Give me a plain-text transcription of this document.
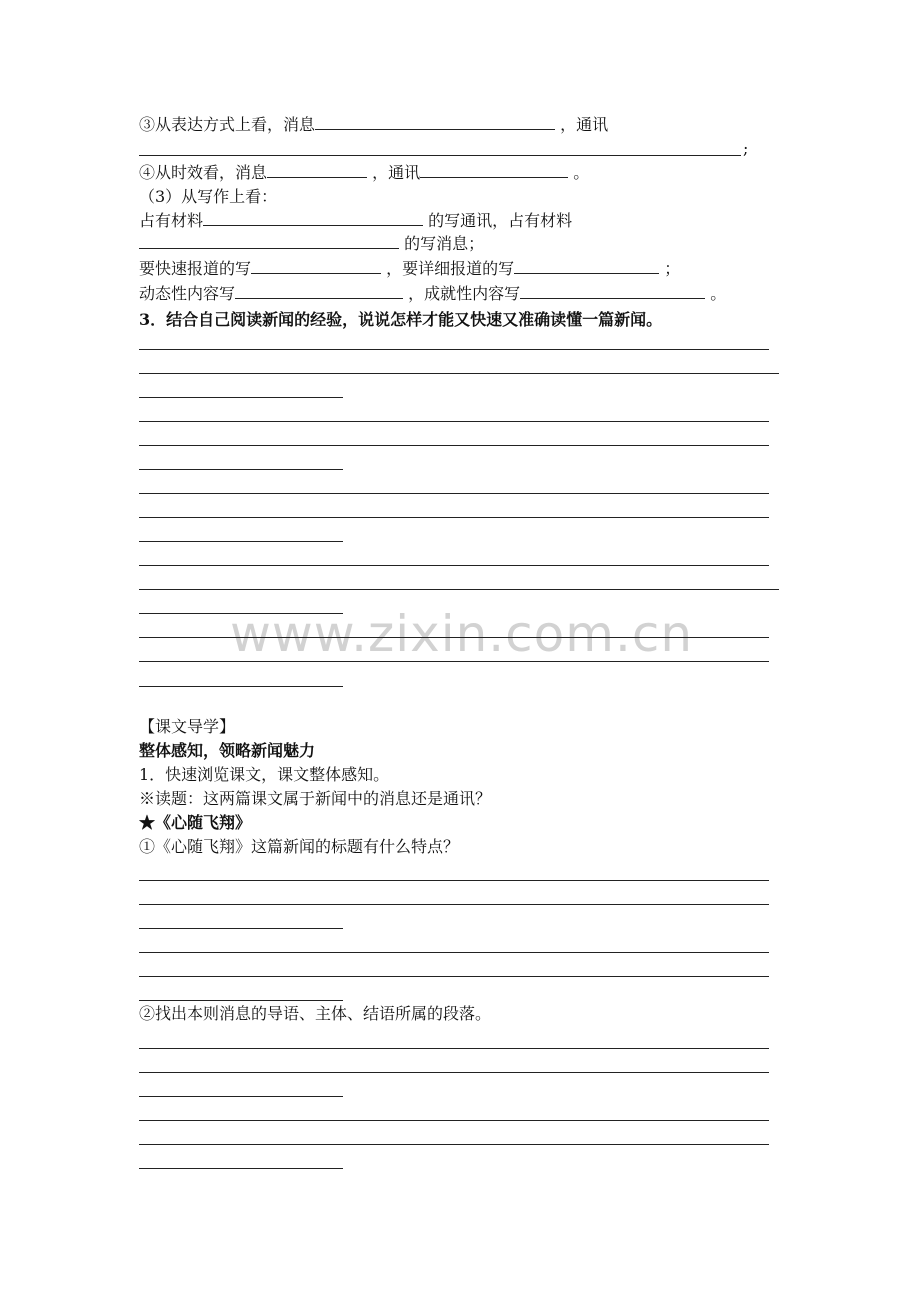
www.zixin.com.cn
③从表达方式上看，消息	，通讯
;
④从时效看，消息	，通讯	。
（3）从写作上看：
占有材料	的写通讯，占有材料
的写消息；
要快速报道的写	，要详细报道的写	；
动态性内容写	，成就性内容写	。
3．结合自己阅读新闻的经验，说说怎样才能又快速又准确读懂一篇新闻。
【课文导学】
整体感知，领略新闻魅力
1．快速浏览课文，课文整体感知。
※读题：这两篇课文属于新闻中的消息还是通讯？
★《心随飞翔》
①《心随飞翔》这篇新闻的标题有什么特点？
②找出本则消息的导语、主体、结语所属的段落。
